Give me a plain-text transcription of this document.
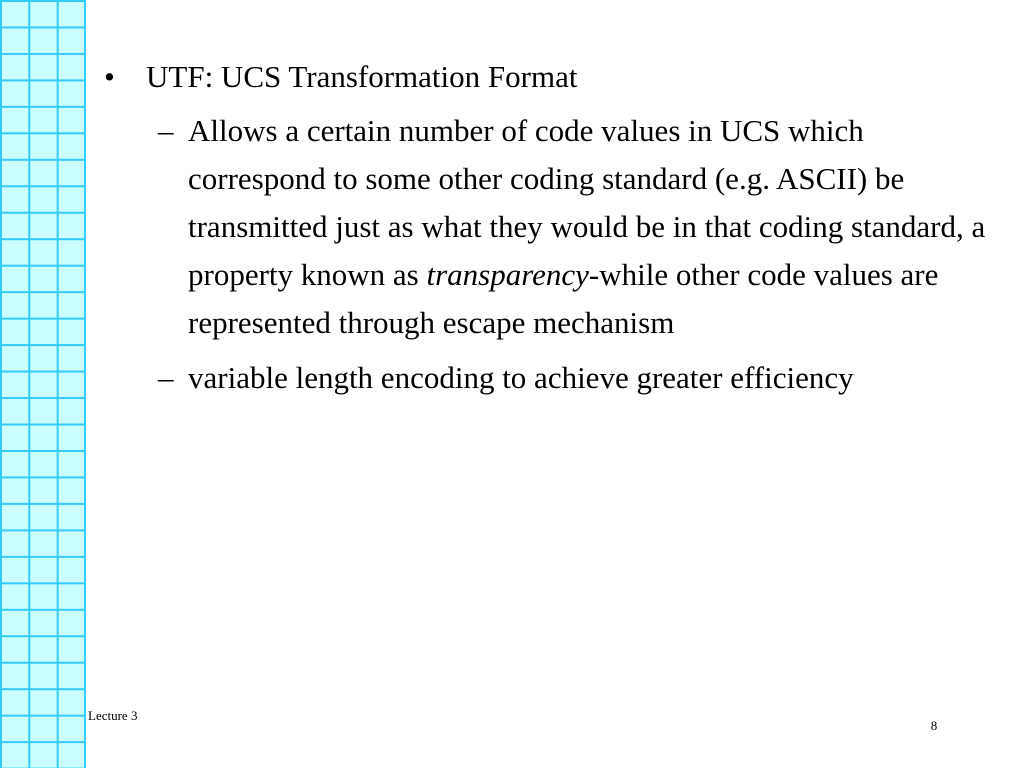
• UTF: UCS Transformation Format
– Allows a certain number of code values in UCS which correspond to some other coding standard (e.g. ASCII) be transmitted just as what they would be in that coding standard, a property known as transparency-while other code values are represented through escape mechanism
– variable length encoding to achieve greater efficiency
Lecture 3
8
